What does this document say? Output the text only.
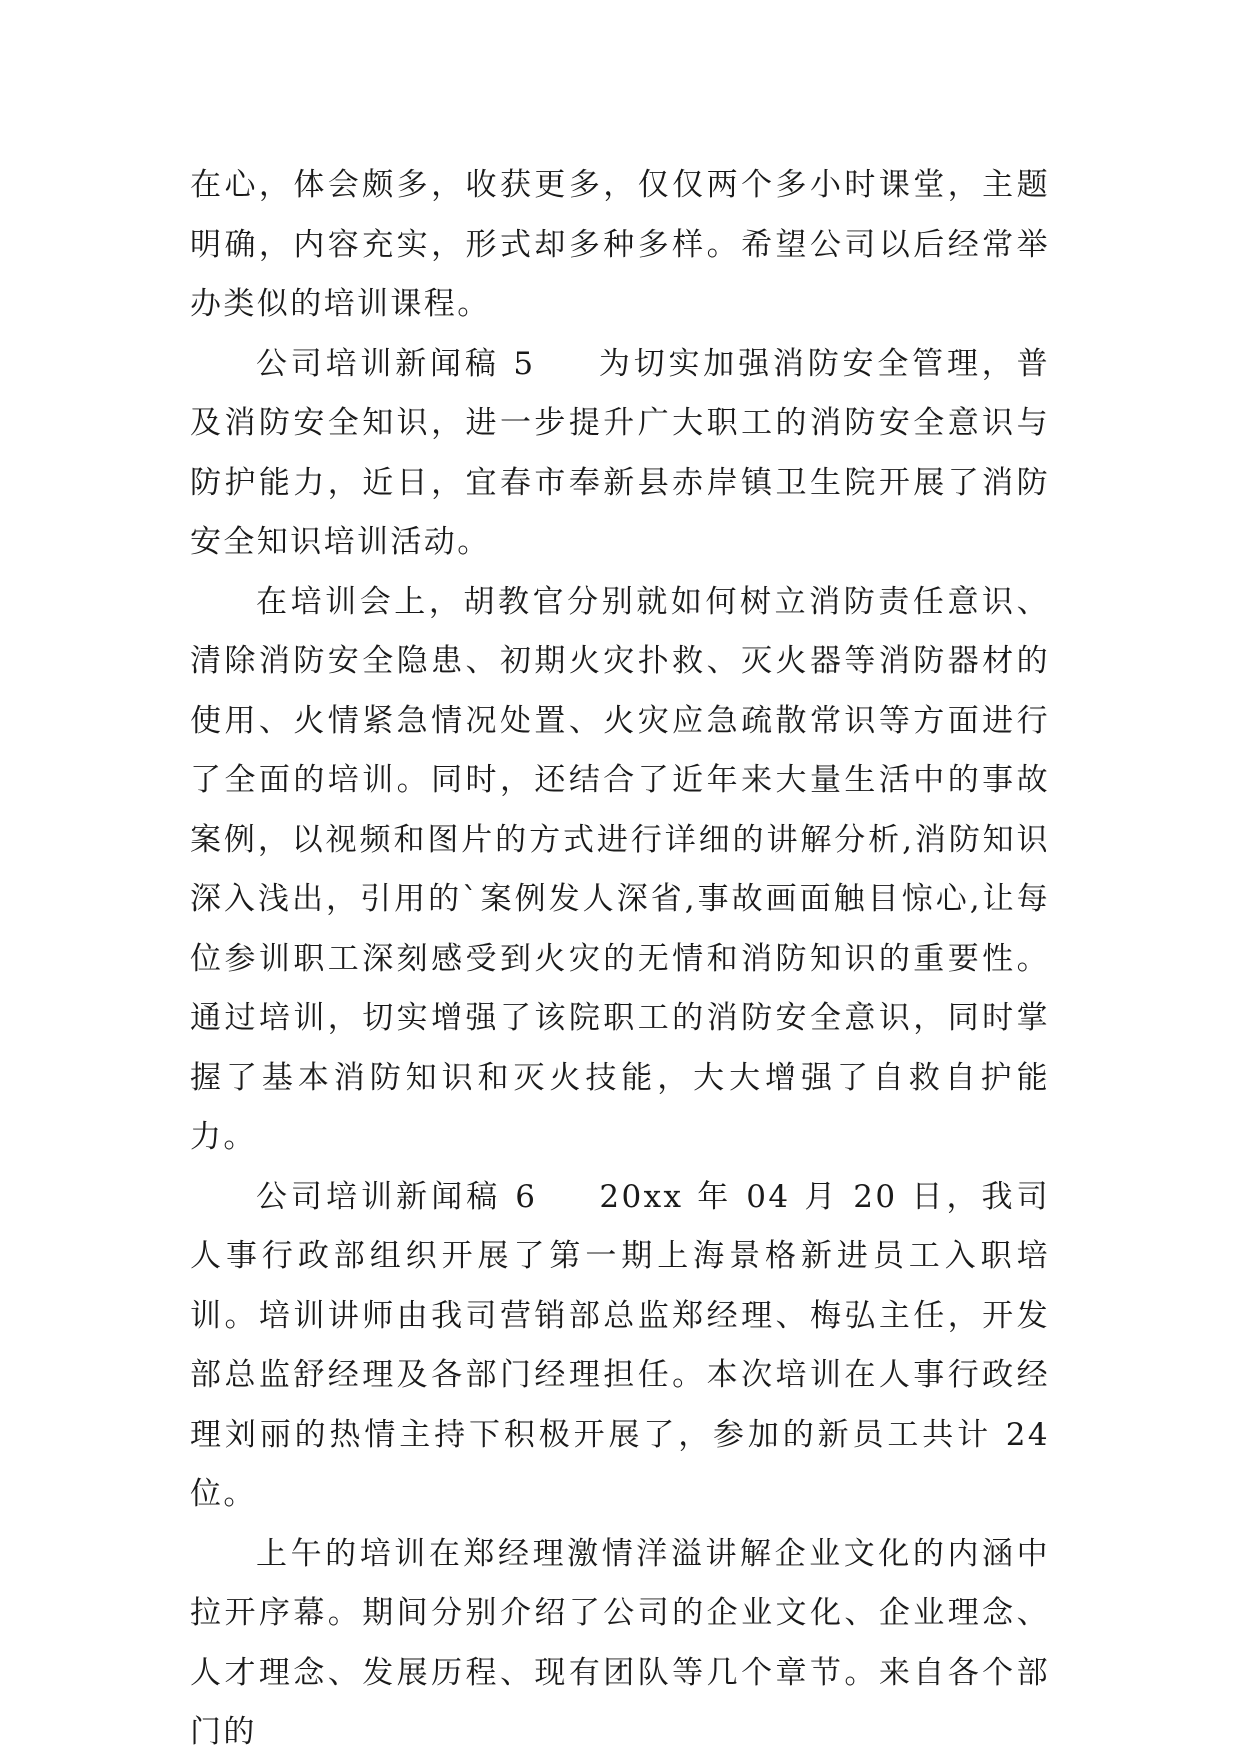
在心，体会颇多，收获更多，仅仅两个多小时课堂，主题明确，内容充实，形式却多种多样。希望公司以后经常举办类似的培训课程。

公司培训新闻稿 5 为切实加强消防安全管理，普及消防安全知识，进一步提升广大职工的消防安全意识与防护能力，近日，宜春市奉新县赤岸镇卫生院开展了消防安全知识培训活动。

在培训会上，胡教官分别就如何树立消防责任意识、清除消防安全隐患、初期火灾扑救、灭火器等消防器材的使用、火情紧急情况处置、火灾应急疏散常识等方面进行了全面的培训。同时，还结合了近年来大量生活中的事故案例，以视频和图片的方式进行详细的讲解分析,消防知识深入浅出，引用的`案例发人深省,事故画面触目惊心,让每位参训职工深刻感受到火灾的无情和消防知识的重要性。通过培训，切实增强了该院职工的消防安全意识，同时掌握了基本消防知识和灭火技能，大大增强了自救自护能力。

公司培训新闻稿 6 20xx 年 04 月 20 日，我司人事行政部组织开展了第一期上海景格新进员工入职培训。培训讲师由我司营销部总监郑经理、梅弘主任，开发部总监舒经理及各部门经理担任。本次培训在人事行政经理刘丽的热情主持下积极开展了，参加的新员工共计 24 位。

上午的培训在郑经理激情洋溢讲解企业文化的内涵中拉开序幕。期间分别介绍了公司的企业文化、企业理念、人才理念、发展历程、现有团队等几个章节。来自各个部门的
